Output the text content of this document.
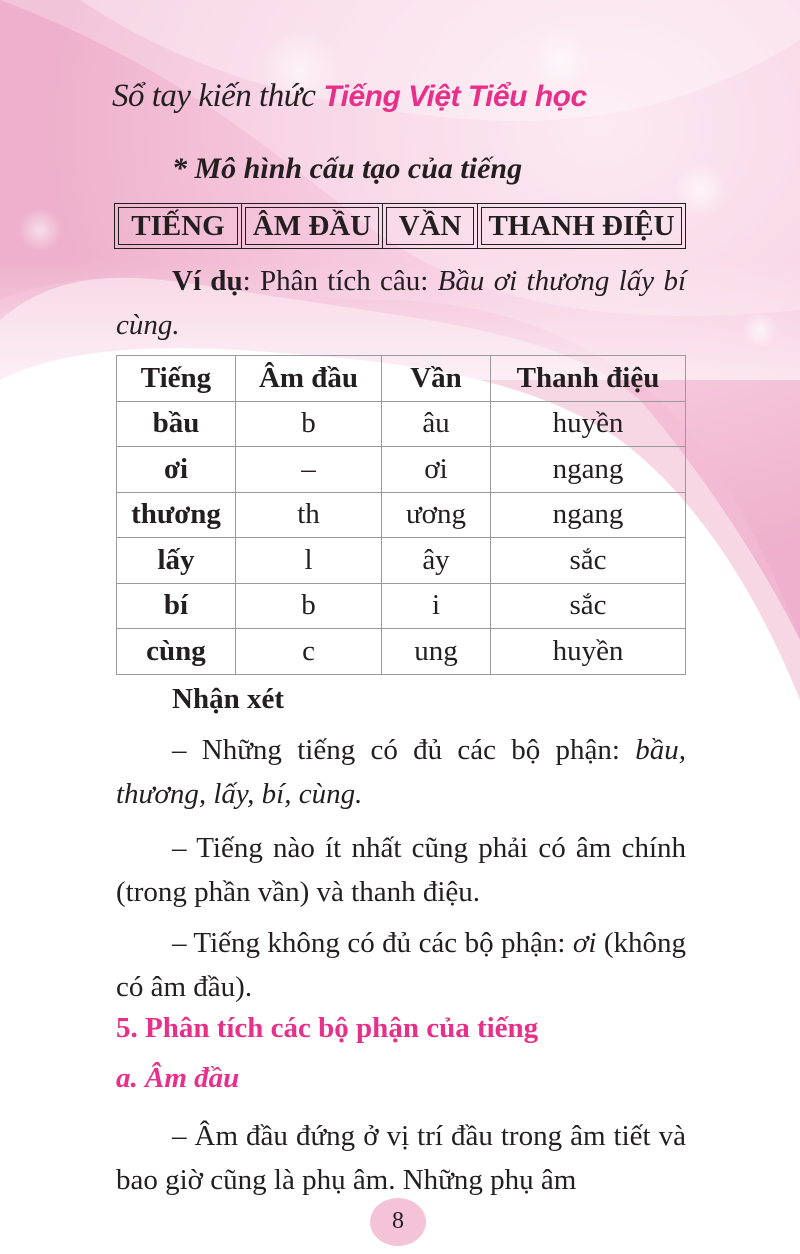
Sổ tay kiến thức Tiếng Việt Tiểu học
* Mô hình cấu tạo của tiếng
TIẾNG	ÂM ĐẦU	VẦN	THANH ĐIỆU
Ví dụ: Phân tích câu: Bầu ơi thương lấy bí cùng.
Tiếng	Âm đầu	Vần	Thanh điệu
bầu	b	âu	huyền
ơi	–	ơi	ngang
thương	th	ương	ngang
lấy	l	ây	sắc
bí	b	i	sắc
cùng	c	ung	huyền
Nhận xét
– Những tiếng có đủ các bộ phận: bầu, thương, lấy, bí, cùng.
– Tiếng nào ít nhất cũng phải có âm chính (trong phần vần) và thanh điệu.
– Tiếng không có đủ các bộ phận: ơi (không có âm đầu).
5. Phân tích các bộ phận của tiếng
a. Âm đầu
– Âm đầu đứng ở vị trí đầu trong âm tiết và bao giờ cũng là phụ âm. Những phụ âm
8
